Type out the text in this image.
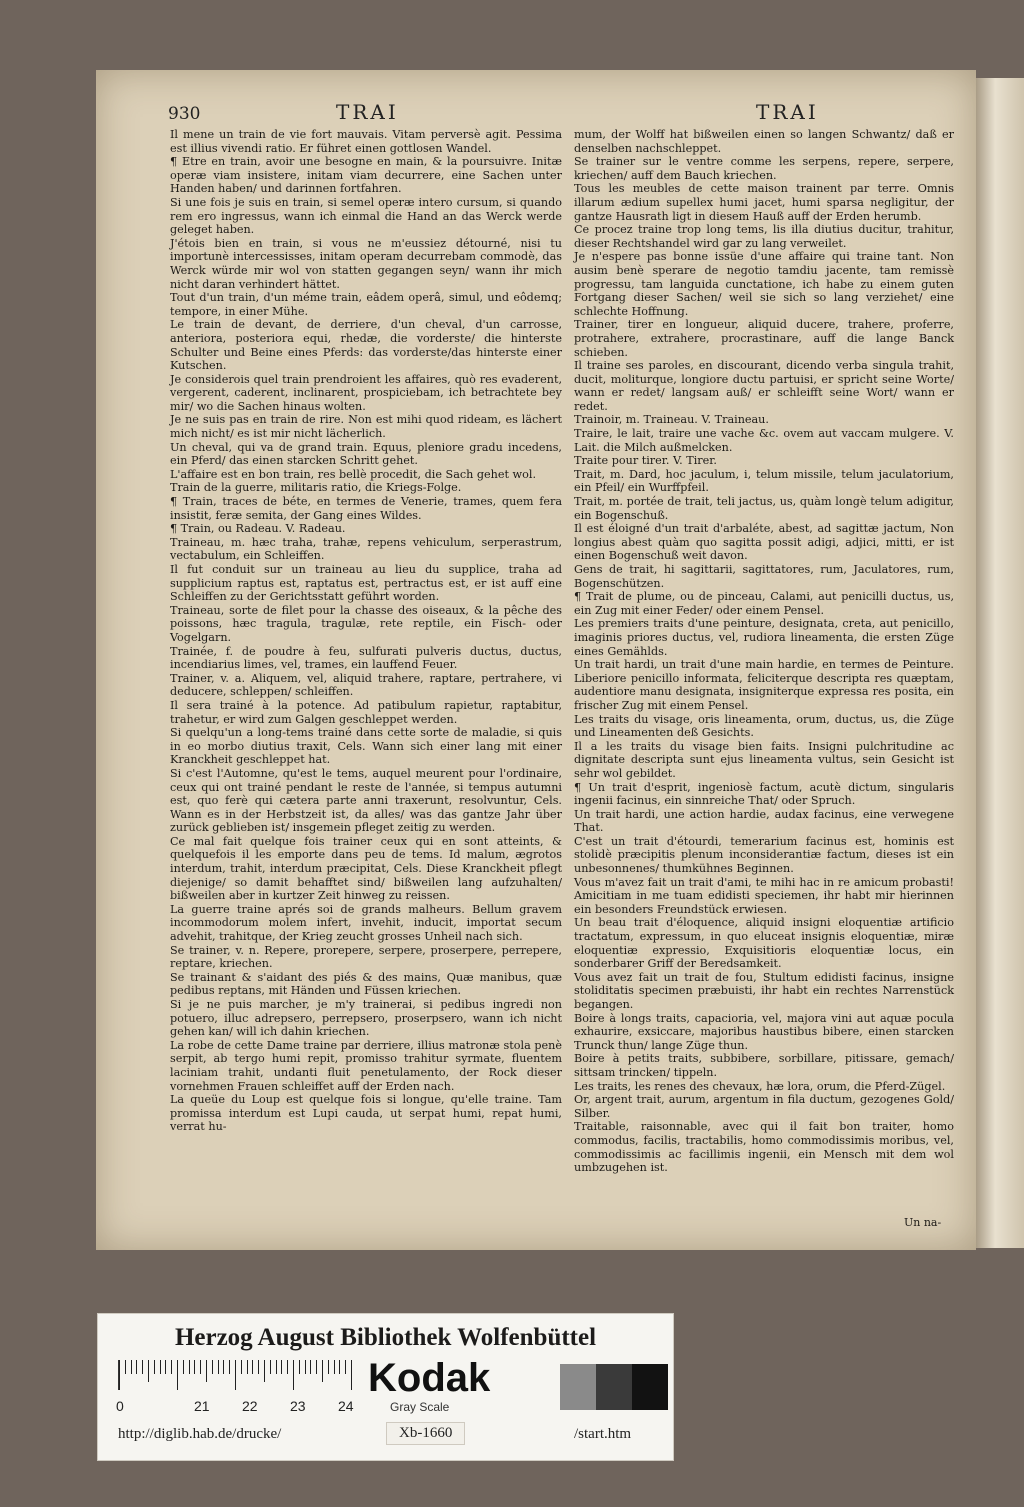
930	TRAI	TRAI

Il mene un train de vie fort mauvais. Vitam perversè agit. Pessima est illius vivendi ratio. Er führet einen gottlosen Wandel.

¶ Etre en train, avoir une besogne en main, & la poursuivre. Initæ operæ viam insistere, initam viam decurrere, eine Sachen unter Handen haben/ und darinnen fortfahren.

Si une fois je suis en train, si semel operæ intero cursum, si quando rem ero ingressus, wann ich einmal die Hand an das Werck werde geleget haben.

J'étois bien en train, si vous ne m'eussiez détourné, nisi tu importunè intercessisses, initam operam decurrebam commodè, das Werck würde mir wol von statten gegangen seyn/ wann ihr mich nicht daran verhindert hättet.

Tout d'un train, d'un méme train, eâdem operâ, simul, und eôdemq; tempore, in einer Mühe.

Le train de devant, de derriere, d'un cheval, d'un carrosse, anteriora, posteriora equi, rhedæ, die vorderste/ die hinterste Schulter und Beine eines Pferds: das vorderste/das hinterste einer Kutschen.

Je considerois quel train prendroient les affaires, quò res evaderent, vergerent, caderent, inclinarent, prospiciebam, ich betrachtete bey mir/ wo die Sachen hinaus wolten.

Je ne suis pas en train de rire. Non est mihi quod rideam, es lächert mich nicht/ es ist mir nicht lächerlich.

Un cheval, qui va de grand train. Equus, pleniore gradu incedens, ein Pferd/ das einen starcken Schritt gehet.

L'affaire est en bon train, res bellè procedit, die Sach gehet wol.

Train de la guerre, militaris ratio, die Kriegs-Folge.

¶ Train, traces de béte, en termes de Venerie, trames, quem fera insistit, feræ semita, der Gang eines Wildes.

¶ Train, ou Radeau. V. Radeau.

Traineau, m. hæc traha, trahæ, repens vehiculum, serperastrum, vectabulum, ein Schleiffen.

Il fut conduit sur un traineau au lieu du supplice, traha ad supplicium raptus est, raptatus est, pertractus est, er ist auff eine Schleiffen zu der Gerichtsstatt geführt worden.

Traineau, sorte de filet pour la chasse des oiseaux, & la pêche des poissons, hæc tragula, tragulæ, rete reptile, ein Fisch- oder Vogelgarn.

Trainée, f. de poudre à feu, sulfurati pulveris ductus, ductus, incendiarius limes, vel, trames, ein lauffend Feuer.

Trainer, v. a. Aliquem, vel, aliquid trahere, raptare, pertrahere, vi deducere, schleppen/ schleiffen.

Il sera trainé à la potence. Ad patibulum rapietur, raptabitur, trahetur, er wird zum Galgen geschleppet werden.

Si quelqu'un a long-tems trainé dans cette sorte de maladie, si quis in eo morbo diutius traxit, Cels. Wann sich einer lang mit einer Kranckheit geschleppet hat.

Si c'est l'Automne, qu'est le tems, auquel meurent pour l'ordinaire, ceux qui ont trainé pendant le reste de l'année, si tempus autumni est, quo ferè qui cætera parte anni traxerunt, resolvuntur, Cels. Wann es in der Herbstzeit ist, da alles/ was das gantze Jahr über zurück geblieben ist/ insgemein pfleget zeitig zu werden.

Ce mal fait quelque fois trainer ceux qui en sont atteints, & quelquefois il les emporte dans peu de tems. Id malum, ægrotos interdum, trahit, interdum præcipitat, Cels. Diese Kranckheit pflegt diejenige/ so damit behafftet sind/ bißweilen lang aufzuhalten/ bißweilen aber in kurtzer Zeit hinweg zu reissen.

La guerre traine aprés soi de grands malheurs. Bellum gravem incommodorum molem infert, invehit, inducit, importat secum advehit, trahitque, der Krieg zeucht grosses Unheil nach sich.

Se trainer, v. n. Repere, prorepere, serpere, proserpere, perrepere, reptare, kriechen.

Se trainant & s'aidant des piés & des mains, Quæ manibus, quæ pedibus reptans, mit Händen und Füssen kriechen.

Si je ne puis marcher, je m'y trainerai, si pedibus ingredi non potuero, illuc adrepsero, perrepsero, proserpsero, wann ich nicht gehen kan/ will ich dahin kriechen.

La robe de cette Dame traine par derriere, illius matronæ stola penè serpit, ab tergo humi repit, promisso trahitur syrmate, fluentem laciniam trahit, undanti fluit penetulamento, der Rock dieser vornehmen Frauen schleiffet auff der Erden nach.

La queüe du Loup est quelque fois si longue, qu'elle traine. Tam promissa interdum est Lupi cauda, ut serpat humi, repat humi, verrat hu-

mum, der Wolff hat bißweilen einen so langen Schwantz/ daß er denselben nachschleppet.

Se trainer sur le ventre comme les serpens, repere, serpere, kriechen/ auff dem Bauch kriechen.

Tous les meubles de cette maison trainent par terre. Omnis illarum ædium supellex humi jacet, humi sparsa negligitur, der gantze Hausrath ligt in diesem Hauß auff der Erden herumb.

Ce procez traine trop long tems, lis illa diutius ducitur, trahitur, dieser Rechtshandel wird gar zu lang verweilet.

Je n'espere pas bonne issüe d'une affaire qui traine tant. Non ausim benè sperare de negotio tamdiu jacente, tam remissè progressu, tam languida cunctatione, ich habe zu einem guten Fortgang dieser Sachen/ weil sie sich so lang verziehet/ eine schlechte Hoffnung.

Trainer, tirer en longueur, aliquid ducere, trahere, proferre, protrahere, extrahere, procrastinare, auff die lange Banck schieben.

Il traine ses paroles, en discourant, dicendo verba singula trahit, ducit, moliturque, longiore ductu partuisi, er spricht seine Worte/ wann er redet/ langsam auß/ er schleifft seine Wort/ wann er redet.

Trainoir, m. Traineau. V. Traineau.

Traire, le lait, traire une vache &c. ovem aut vaccam mulgere. V. Lait. die Milch außmelcken.

Traite pour tirer. V. Tirer.

Trait, m. Dard, hoc jaculum, i, telum missile, telum jaculatorium, ein Pfeil/ ein Wurffpfeil.

Trait, m. portée de trait, teli jactus, us, quàm longè telum adigitur, ein Bogenschuß.

Il est éloigné d'un trait d'arbaléte, abest, ad sagittæ jactum, Non longius abest quàm quo sagitta possit adigi, adjici, mitti, er ist einen Bogenschuß weit davon.

Gens de trait, hi sagittarii, sagittatores, rum, Jaculatores, rum, Bogenschützen.

¶ Trait de plume, ou de pinceau, Calami, aut penicilli ductus, us, ein Zug mit einer Feder/ oder einem Pensel.

Les premiers traits d'une peinture, designata, creta, aut penicillo, imaginis priores ductus, vel, rudiora lineamenta, die ersten Züge eines Gemählds.

Un trait hardi, un trait d'une main hardie, en termes de Peinture. Liberiore penicillo informata, feliciterque descripta res quæptam, audentiore manu designata, insigniterque expressa res posita, ein frischer Zug mit einem Pensel.

Les traits du visage, oris lineamenta, orum, ductus, us, die Züge und Lineamenten deß Gesichts.

Il a les traits du visage bien faits. Insigni pulchritudine ac dignitate descripta sunt ejus lineamenta vultus, sein Gesicht ist sehr wol gebildet.

¶ Un trait d'esprit, ingeniosè factum, acutè dictum, singularis ingenii facinus, ein sinnreiche That/ oder Spruch.

Un trait hardi, une action hardie, audax facinus, eine verwegene That.

C'est un trait d'étourdi, temerarium facinus est, hominis est stolidè præcipitis plenum inconsiderantiæ factum, dieses ist ein unbesonnenes/ thumkühnes Beginnen.

Vous m'avez fait un trait d'ami, te mihi hac in re amicum probasti! Amicitiam in me tuam edidisti speciemen, ihr habt mir hierinnen ein besonders Freundstück erwiesen.

Un beau trait d'éloquence, aliquid insigni eloquentiæ artificio tractatum, expressum, in quo eluceat insignis eloquentiæ, miræ eloquentiæ expressio, Exquisitioris eloquentiæ locus, ein sonderbarer Griff der Beredsamkeit.

Vous avez fait un trait de fou, Stultum edidisti facinus, insigne stoliditatis specimen præbuisti, ihr habt ein rechtes Narrenstück begangen.

Boire à longs traits, capacioria, vel, majora vini aut aquæ pocula exhaurire, exsiccare, majoribus haustibus bibere, einen starcken Trunck thun/ lange Züge thun.

Boire à petits traits, subbibere, sorbillare, pitissare, gemach/ sittsam trincken/ tippeln.

Les traits, les renes des chevaux, hæ lora, orum, die Pferd-Zügel.

Or, argent trait, aurum, argentum in fila ductum, gezogenes Gold/ Silber.

Traitable, raisonnable, avec qui il fait bon traiter, homo commodus, facilis, tractabilis, homo commodissimis moribus, vel, commodissimis ac facillimis ingenii, ein Mensch mit dem wol umbzugehen ist.

Un na-
Herzog August Bibliothek Wolfenbüttel
0	21 22 23 24
Kodak
Gray Scale
http://diglib.hab.de/drucke/	Xb-1660	/start.htm
